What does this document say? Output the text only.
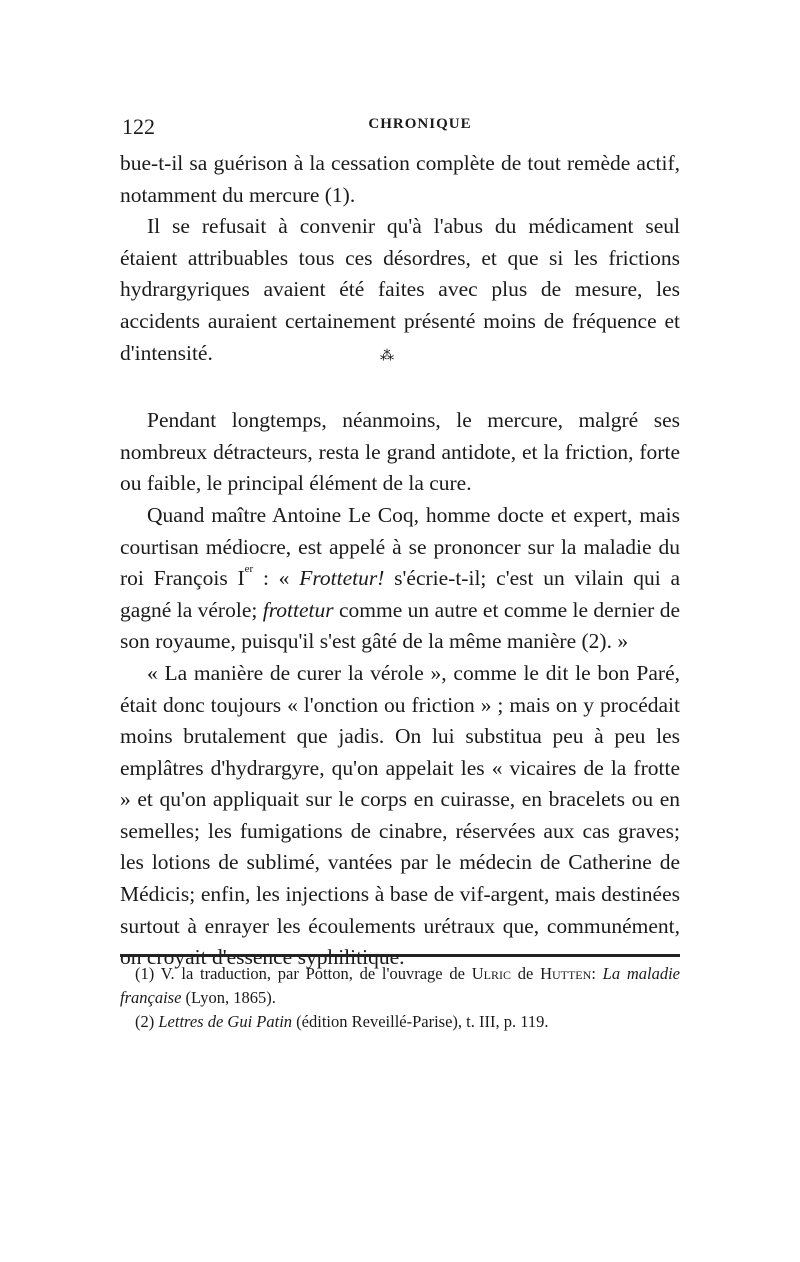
122	CHRONIQUE

bue-t-il sa guérison à la cessation complète de tout remède actif, notamment du mercure (1).

Il se refusait à convenir qu'à l'abus du médicament seul étaient attribuables tous ces désordres, et que si les frictions hydrargyriques avaient été faites avec plus de mesure, les accidents auraient certainement présenté moins de fréquence et d'intensité.

Pendant longtemps, néanmoins, le mercure, malgré ses nombreux détracteurs, resta le grand antidote, et la friction, forte ou faible, le principal élément de la cure.

Quand maître Antoine Le Coq, homme docte et expert, mais courtisan médiocre, est appelé à se prononcer sur la maladie du roi François Ier : « Frottetur! s'écrie-t-il; c'est un vilain qui a gagné la vérole; frottetur comme un autre et comme le dernier de son royaume, puisqu'il s'est gâté de la même manière (2). »

« La manière de curer la vérole », comme le dit le bon Paré, était donc toujours « l'onction ou friction » ; mais on y procédait moins brutalement que jadis. On lui substitua peu à peu les emplâtres d'hydrargyre, qu'on appelait les « vicaires de la frotte » et qu'on appliquait sur le corps en cuirasse, en bracelets ou en semelles; les fumigations de cinabre, réservées aux cas graves; les lotions de sublimé, vantées par le médecin de Catherine de Médicis; enfin, les injections à base de vif-argent, mais destinées surtout à enrayer les écoulements urétraux que, communément, on croyait d'essence syphilitique.

⁂

(1) V. la traduction, par Potton, de l'ouvrage de Ulric de Hutten: La maladie française (Lyon, 1865).

(2) Lettres de Gui Patin (édition Reveillé-Parise), t. III, p. 119.
